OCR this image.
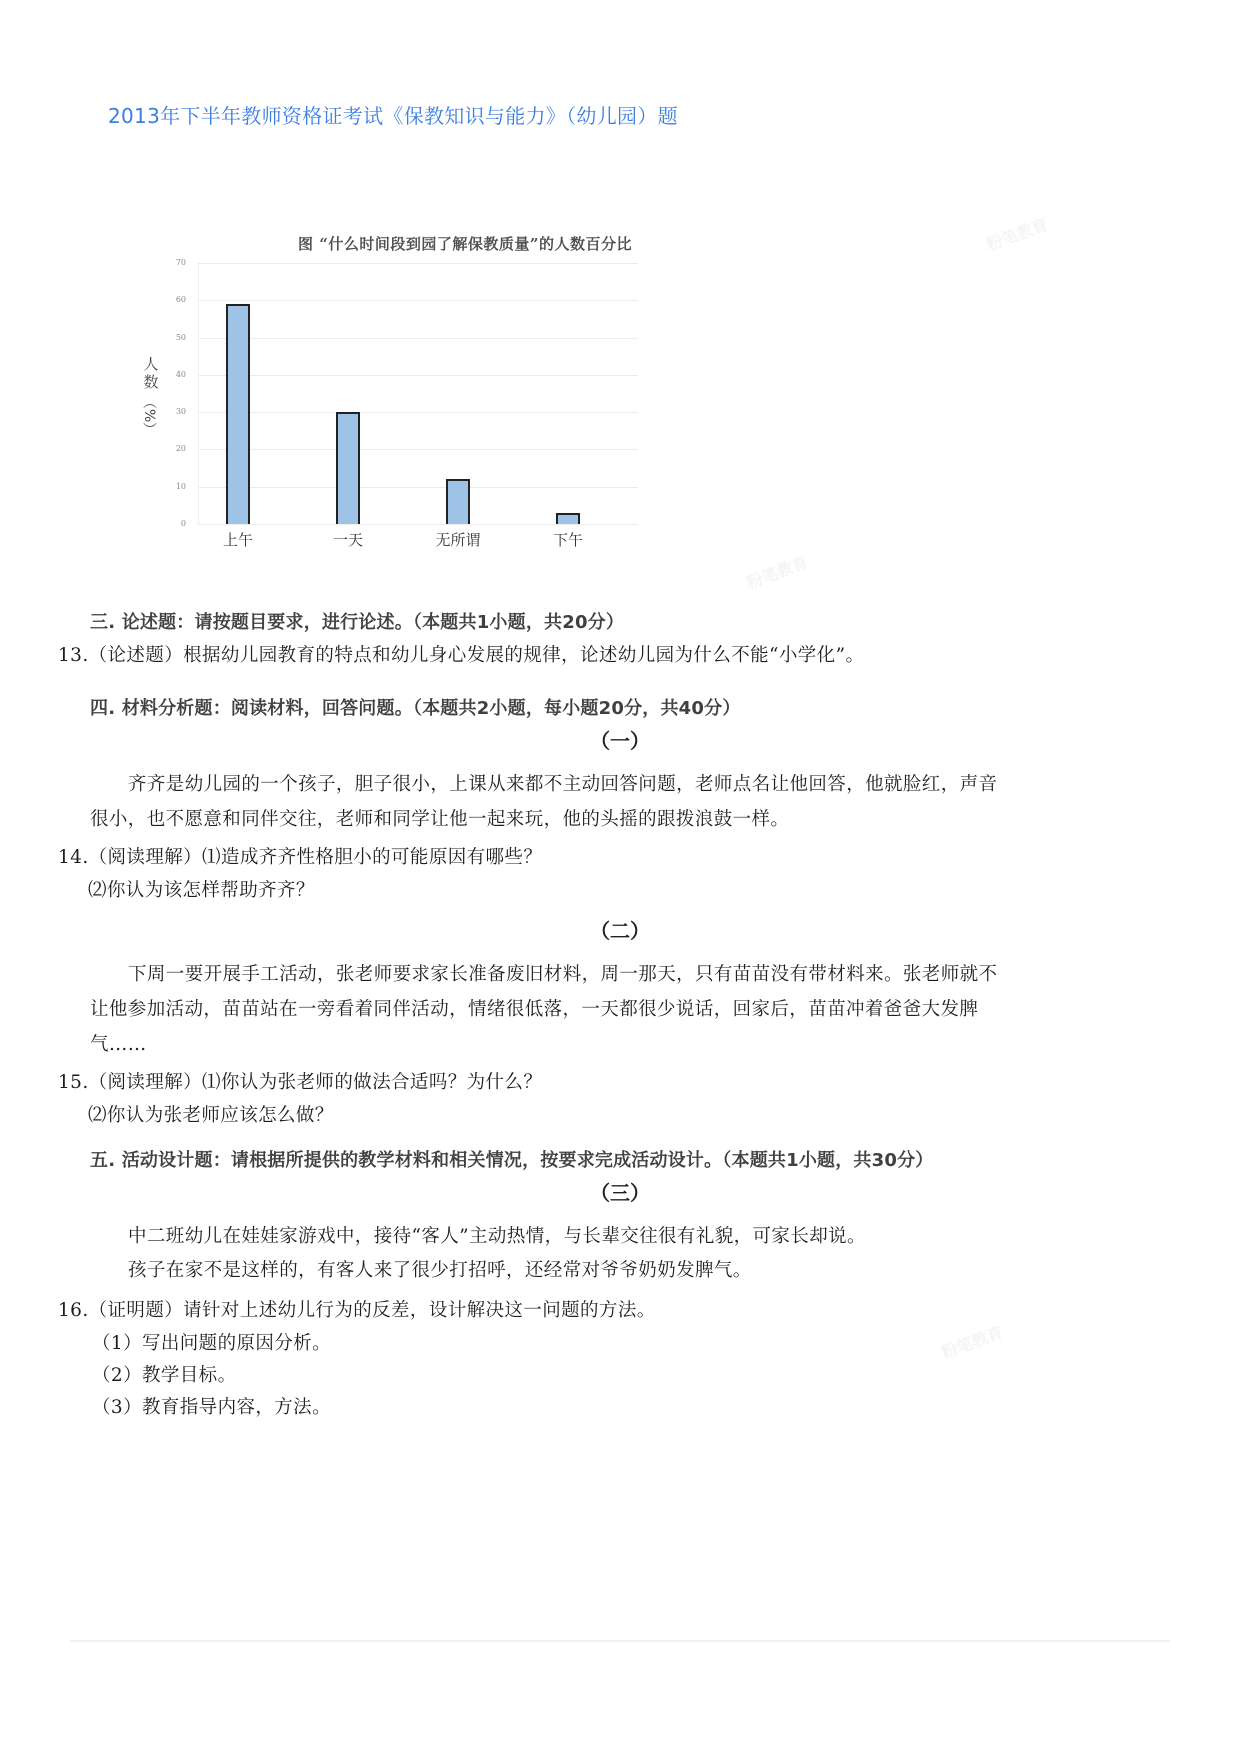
2013年下半年教师资格证考试《保教知识与能力》（幼儿园）题
粉笔教育
粉笔教育
粉笔教育
图 “什么时间段到园了解保教质量”的人数百分比
人数
（%）
0
10
20
30
40
50
60
70
上午	一天	无所谓	下午
三. 论述题：请按题目要求，进行论述。（本题共1小题，共20分）
13.（论述题）根据幼儿园教育的特点和幼儿身心发展的规律，论述幼儿园为什么不能“小学化”。
四. 材料分析题：阅读材料，回答问题。（本题共2小题，每小题20分，共40分）
（一）
齐齐是幼儿园的一个孩子，胆子很小，上课从来都不主动回答问题，老师点名让他回答，他就脸红，声音
很小，也不愿意和同伴交往，老师和同学让他一起来玩，他的头摇的跟拨浪鼓一样。
14.（阅读理解）⑴造成齐齐性格胆小的可能原因有哪些？
⑵你认为该怎样帮助齐齐？
（二）
下周一要开展手工活动，张老师要求家长准备废旧材料，周一那天，只有苗苗没有带材料来。张老师就不
让他参加活动，苗苗站在一旁看着同伴活动，情绪很低落，一天都很少说话，回家后，苗苗冲着爸爸大发脾
气……
15.（阅读理解）⑴你认为张老师的做法合适吗？为什么？
⑵你认为张老师应该怎么做？
五. 活动设计题：请根据所提供的教学材料和相关情况，按要求完成活动设计。（本题共1小题，共30分）
（三）
中二班幼儿在娃娃家游戏中，接待“客人”主动热情，与长辈交往很有礼貌，可家长却说。
孩子在家不是这样的，有客人来了很少打招呼，还经常对爷爷奶奶发脾气。
16.（证明题）请针对上述幼儿行为的反差，设计解决这一问题的方法。
（1）写出问题的原因分析。
（2）教学目标。
（3）教育指导内容，方法。
